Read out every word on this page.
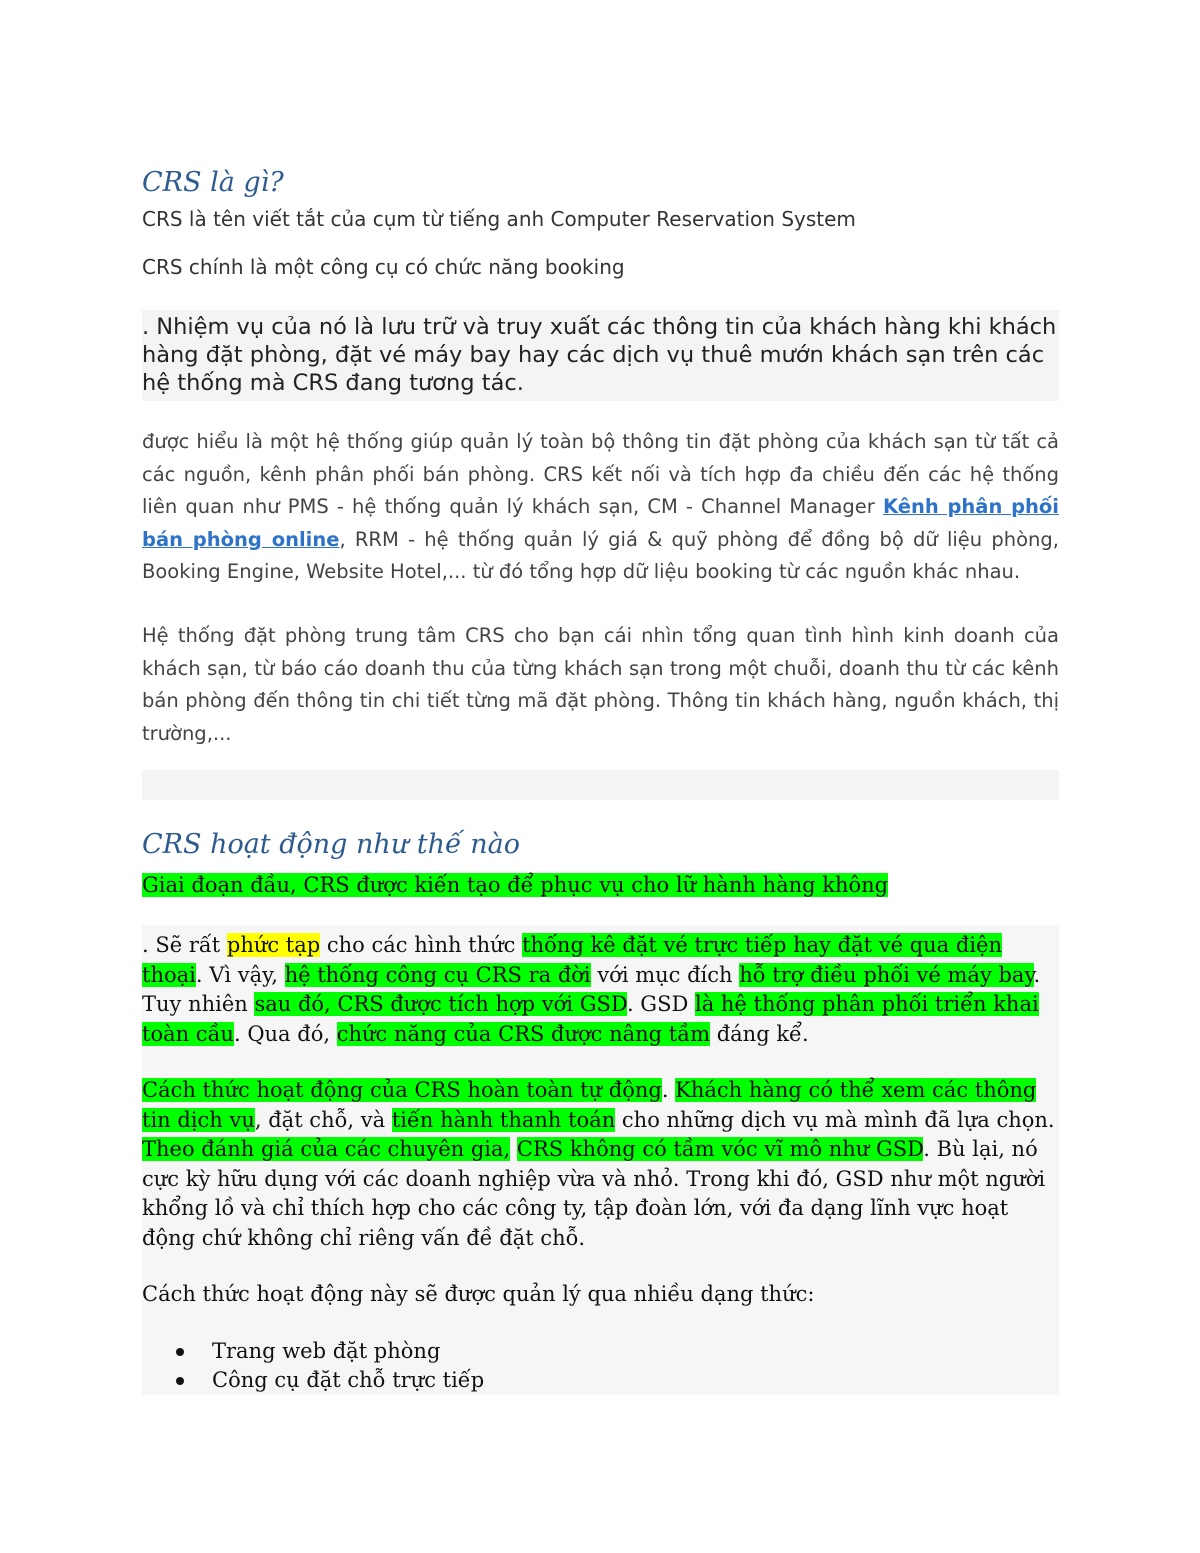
CRS là gì?

CRS là tên viết tắt của cụm từ tiếng anh Computer Reservation System

CRS chính là một công cụ có chức năng booking

. Nhiệm vụ của nó là lưu trữ và truy xuất các thông tin của khách hàng khi khách hàng đặt phòng, đặt vé máy bay hay các dịch vụ thuê mướn khách sạn trên các hệ thống mà CRS đang tương tác.

được hiểu là một hệ thống giúp quản lý toàn bộ thông tin đặt phòng của khách sạn từ tất cả các nguồn, kênh phân phối bán phòng. CRS kết nối và tích hợp đa chiều đến các hệ thống liên quan như PMS - hệ thống quản lý khách sạn, CM - Channel Manager Kênh phân phối bán phòng online, RRM - hệ thống quản lý giá & quỹ phòng để đồng bộ dữ liệu phòng, Booking Engine, Website Hotel,... từ đó tổng hợp dữ liệu booking từ các nguồn khác nhau.

Hệ thống đặt phòng trung tâm CRS cho bạn cái nhìn tổng quan tình hình kinh doanh của khách sạn, từ báo cáo doanh thu của từng khách sạn trong một chuỗi, doanh thu từ các kênh bán phòng đến thông tin chi tiết từng mã đặt phòng. Thông tin khách hàng, nguồn khách, thị trường,...

CRS hoạt động như thế nào

Giai đoạn đầu, CRS được kiến tạo để phục vụ cho lữ hành hàng không

. Sẽ rất phức tạp cho các hình thức thống kê đặt vé trực tiếp hay đặt vé qua điện thoại. Vì vậy, hệ thống công cụ CRS ra đời với mục đích hỗ trợ điều phối vé máy bay. Tuy nhiên sau đó, CRS được tích hợp với GSD. GSD là hệ thống phân phối triển khai toàn cầu. Qua đó, chức năng của CRS được nâng tầm đáng kể.

Cách thức hoạt động của CRS hoàn toàn tự động. Khách hàng có thể xem các thông tin dịch vụ, đặt chỗ, và tiến hành thanh toán cho những dịch vụ mà mình đã lựa chọn. Theo đánh giá của các chuyên gia, CRS không có tầm vóc vĩ mô như GSD. Bù lại, nó cực kỳ hữu dụng với các doanh nghiệp vừa và nhỏ. Trong khi đó, GSD như một người khổng lồ và chỉ thích hợp cho các công ty, tập đoàn lớn, với đa dạng lĩnh vực hoạt động chứ không chỉ riêng vấn đề đặt chỗ.

Cách thức hoạt động này sẽ được quản lý qua nhiều dạng thức:

Trang web đặt phòng
Công cụ đặt chỗ trực tiếp
